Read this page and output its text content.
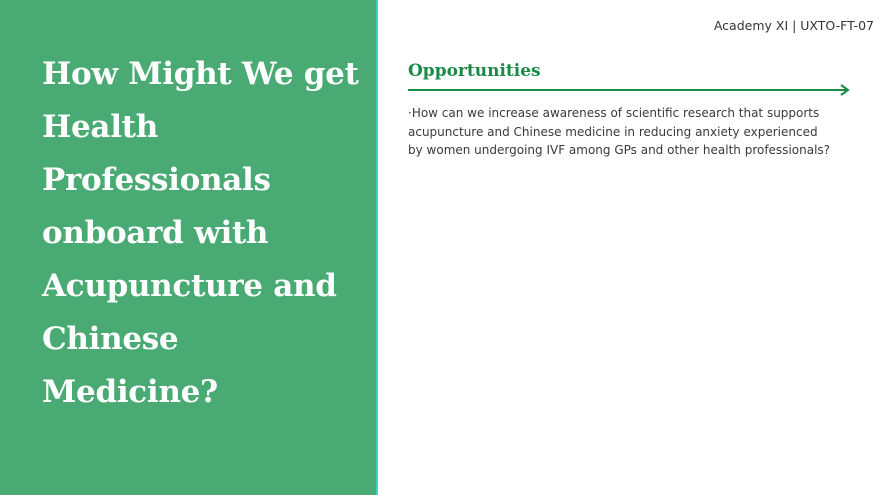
How Might We get Health Professionals onboard with Acupuncture and Chinese Medicine?
Academy XI | UXTO-FT-07
Opportunities

·How can we increase awareness of scientific research that supports acupuncture and Chinese medicine in reducing anxiety experienced by women undergoing IVF among GPs and other health professionals?
